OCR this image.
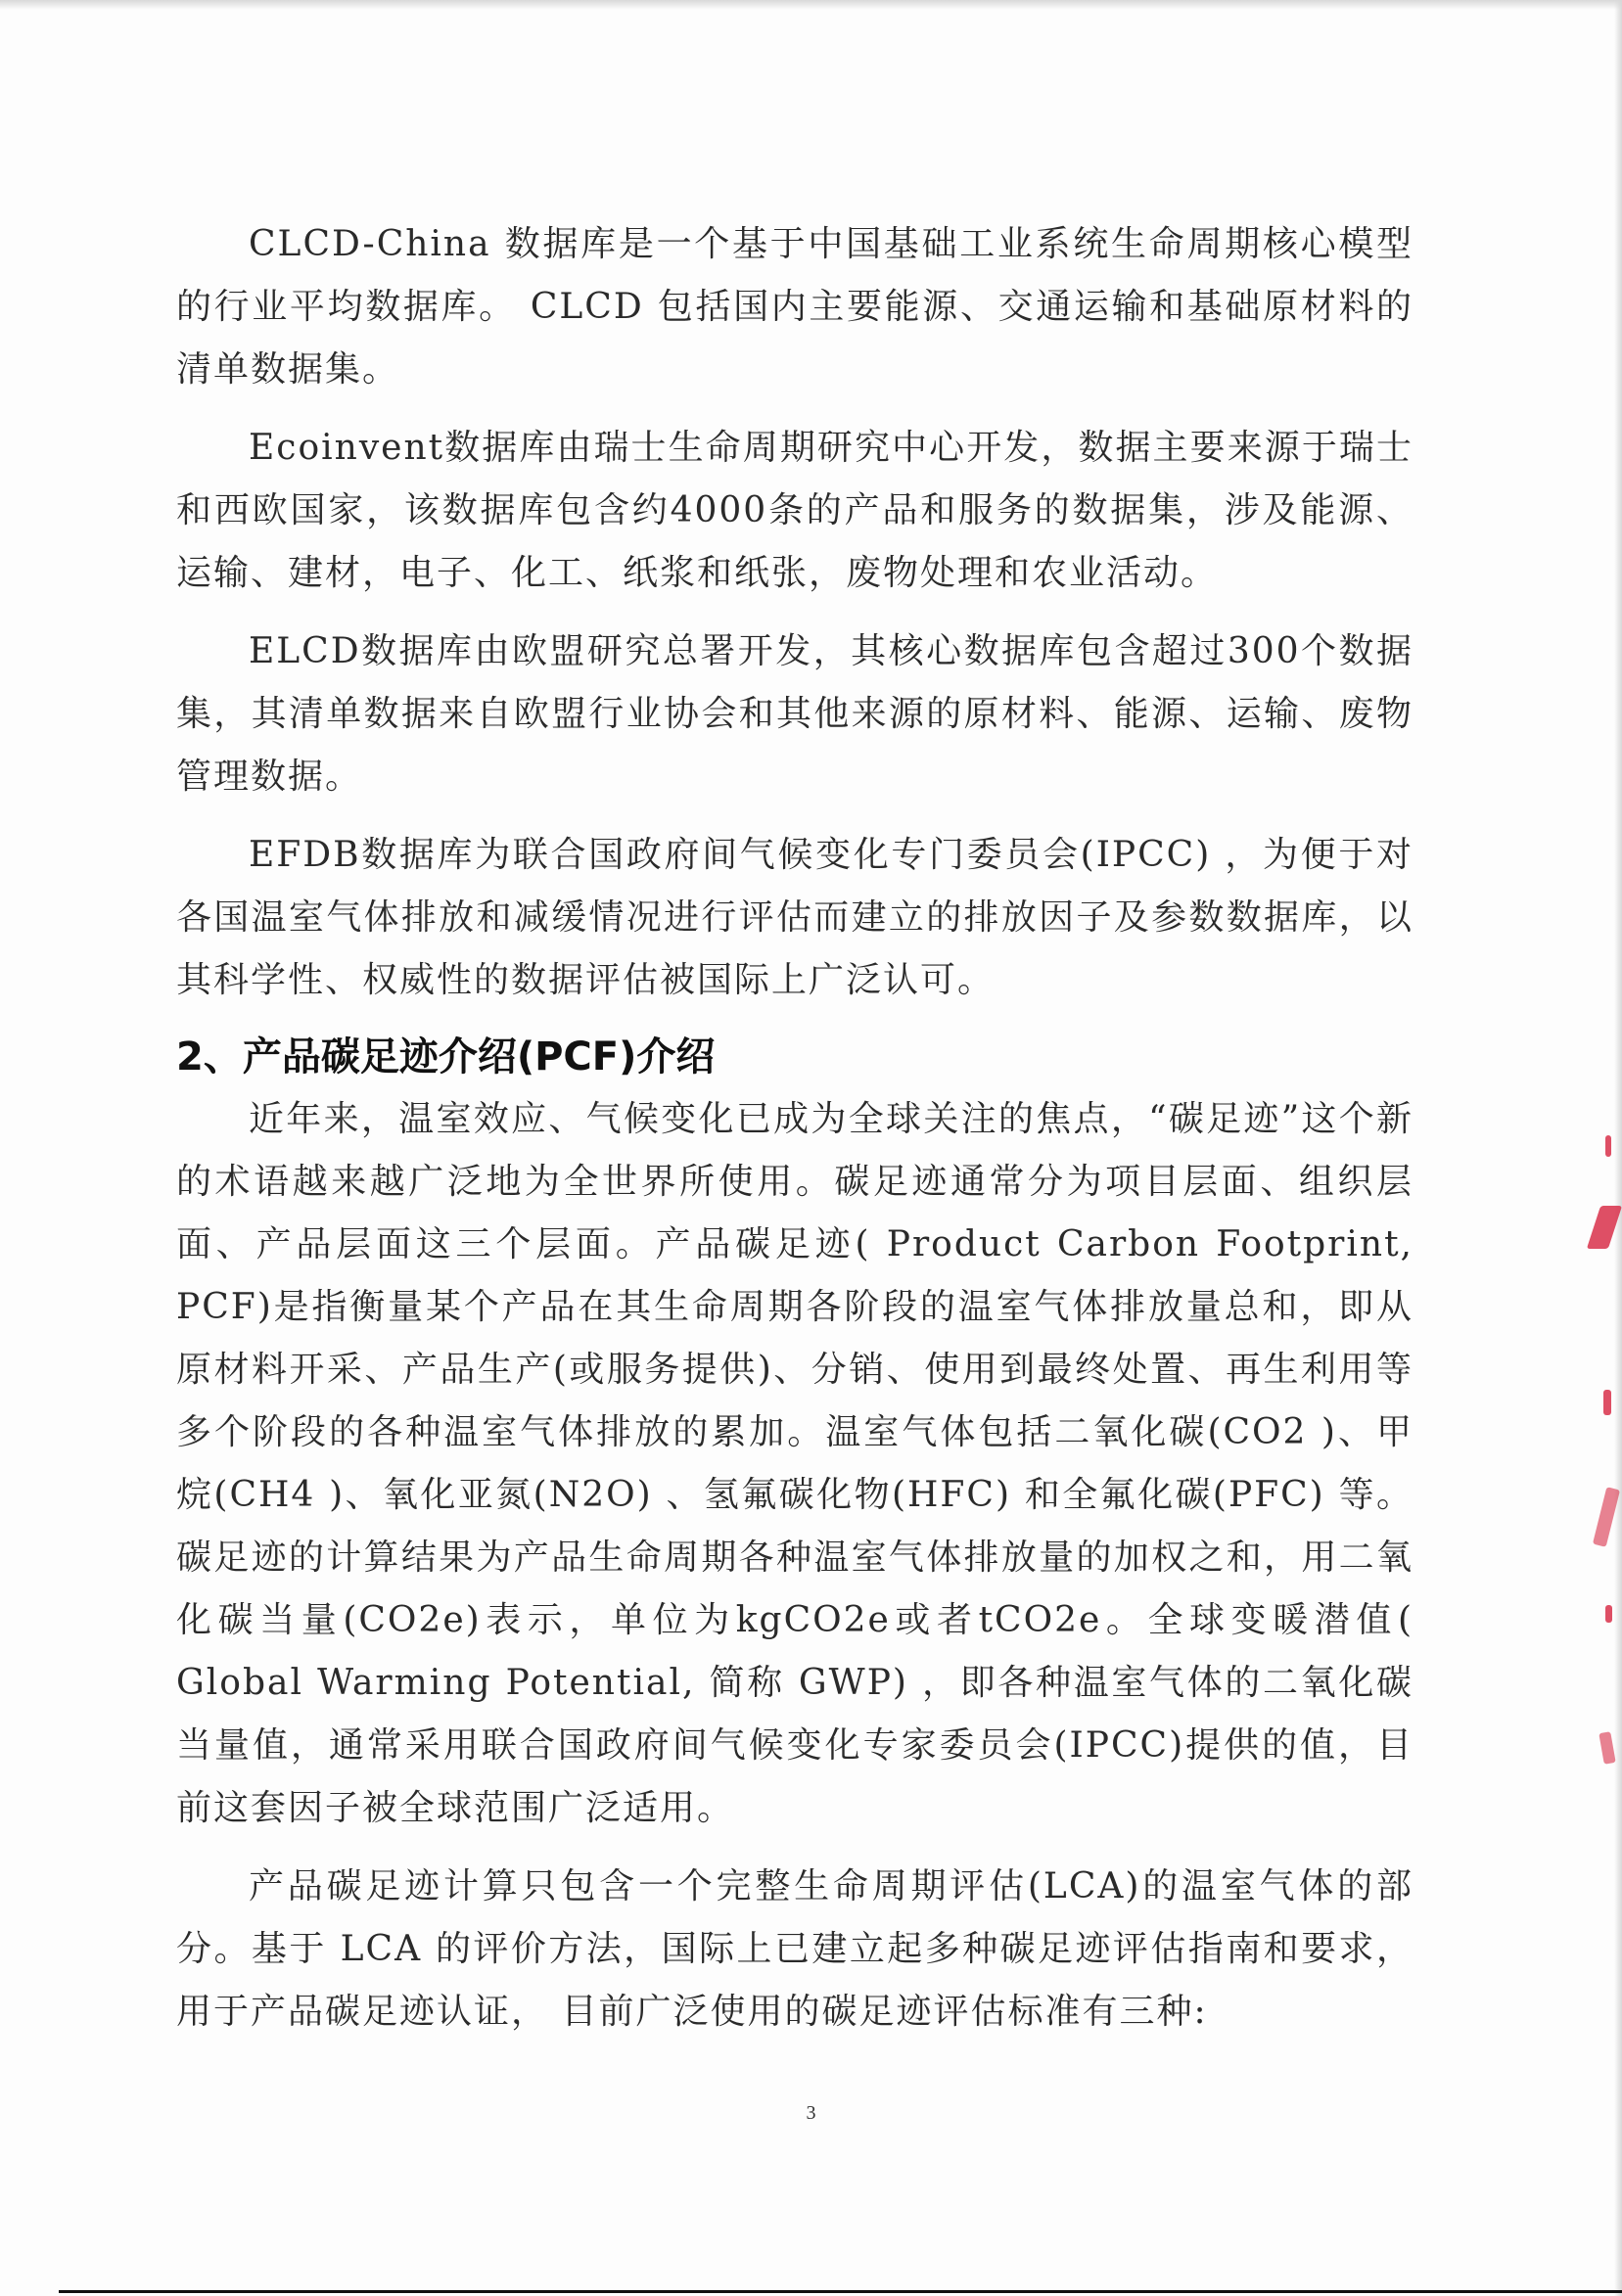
CLCD-China 数据库是一个基于中国基础工业系统生命周期核心模型的行业平均数据库。 CLCD 包括国内主要能源、交通运输和基础原材料的清单数据集。

Ecoinvent数据库由瑞士生命周期研究中心开发，数据主要来源于瑞士和西欧国家，该数据库包含约4000条的产品和服务的数据集，涉及能源、运输、建材，电子、化工、纸浆和纸张，废物处理和农业活动。

ELCD数据库由欧盟研究总署开发，其核心数据库包含超过300个数据集，其清单数据来自欧盟行业协会和其他来源的原材料、能源、运输、废物管理数据。

EFDB数据库为联合国政府间气候变化专门委员会(IPCC) ，为便于对各国温室气体排放和减缓情况进行评估而建立的排放因子及参数数据库，以其科学性、权威性的数据评估被国际上广泛认可。

2、产品碳足迹介绍(PCF)介绍

近年来，温室效应、气候变化已成为全球关注的焦点，“碳足迹”这个新的术语越来越广泛地为全世界所使用。碳足迹通常分为项目层面、组织层面、产品层面这三个层面。产品碳足迹( Product Carbon Footprint, PCF)是指衡量某个产品在其生命周期各阶段的温室气体排放量总和，即从原材料开采、产品生产(或服务提供)、分销、使用到最终处置、再生利用等多个阶段的各种温室气体排放的累加。温室气体包括二氧化碳(CO2 )、甲烷(CH4 )、氧化亚氮(N2O) 、氢氟碳化物(HFC) 和全氟化碳(PFC) 等。碳足迹的计算结果为产品生命周期各种温室气体排放量的加权之和，用二氧化碳当量(CO2e)表示，单位为kgCO2e或者tCO2e。全球变暖潜值( Global Warming Potential, 简称 GWP) ，即各种温室气体的二氧化碳当量值，通常采用联合国政府间气候变化专家委员会(IPCC)提供的值，目前这套因子被全球范围广泛适用。

产品碳足迹计算只包含一个完整生命周期评估(LCA)的温室气体的部分。基于 LCA 的评价方法，国际上已建立起多种碳足迹评估指南和要求，用于产品碳足迹认证， 目前广泛使用的碳足迹评估标准有三种:

3
